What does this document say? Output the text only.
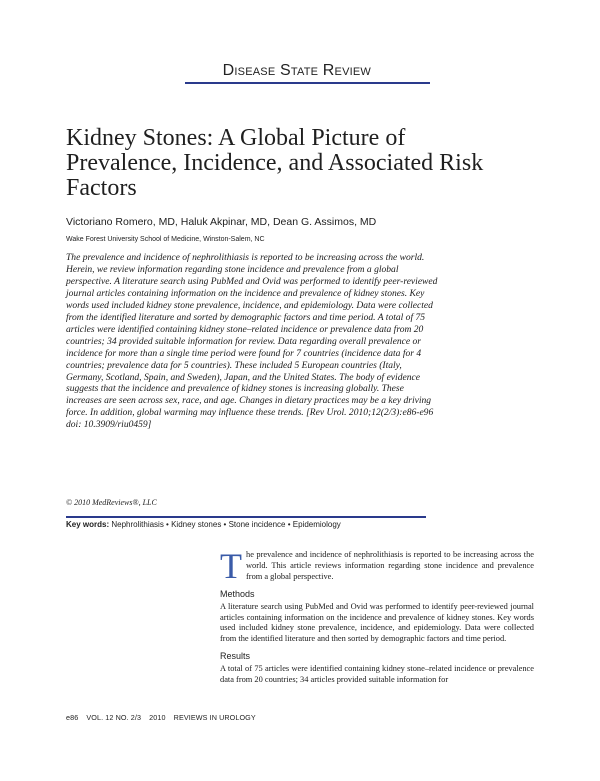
Disease State Review
Kidney Stones: A Global Picture of Prevalence, Incidence, and Associated Risk Factors
Victoriano Romero, MD, Haluk Akpinar, MD, Dean G. Assimos, MD
Wake Forest University School of Medicine, Winston-Salem, NC
The prevalence and incidence of nephrolithiasis is reported to be increasing across the world. Herein, we review information regarding stone incidence and prevalence from a global perspective. A literature search using PubMed and Ovid was performed to identify peer-reviewed journal articles containing information on the incidence and prevalence of kidney stones. Key words used included kidney stone prevalence, incidence, and epidemiology. Data were collected from the identified literature and sorted by demographic factors and time period. A total of 75 articles were identified containing kidney stone–related incidence or prevalence data from 20 countries; 34 provided suitable information for review. Data regarding overall prevalence or incidence for more than a single time period were found for 7 countries (incidence data for 4 countries; prevalence data for 5 countries). These included 5 European countries (Italy, Germany, Scotland, Spain, and Sweden), Japan, and the United States. The body of evidence suggests that the incidence and prevalence of kidney stones is increasing globally. These increases are seen across sex, race, and age. Changes in dietary practices may be a key driving force. In addition, global warming may influence these trends. [Rev Urol. 2010;12(2/3):e86-e96 doi: 10.3909/riu0459]
© 2010 MedReviews®, LLC
Key words: Nephrolithiasis • Kidney stones • Stone incidence • Epidemiology
T he prevalence and incidence of nephrolithiasis is reported to be increasing across the world. This article reviews information regarding stone incidence and prevalence from a global perspective.

Methods

A literature search using PubMed and Ovid was performed to identify peer-reviewed journal articles containing information on the incidence and prevalence of kidney stones. Key words used included kidney stone prevalence, incidence, and epidemiology. Data were collected from the identified literature and then sorted by demographic factors and time period.

Results

A total of 75 articles were identified containing kidney stone–related incidence or prevalence data from 20 countries; 34 articles provided suitable information for

e86 VOL. 12 NO. 2/3 2010 REVIEWS IN UROLOGY
